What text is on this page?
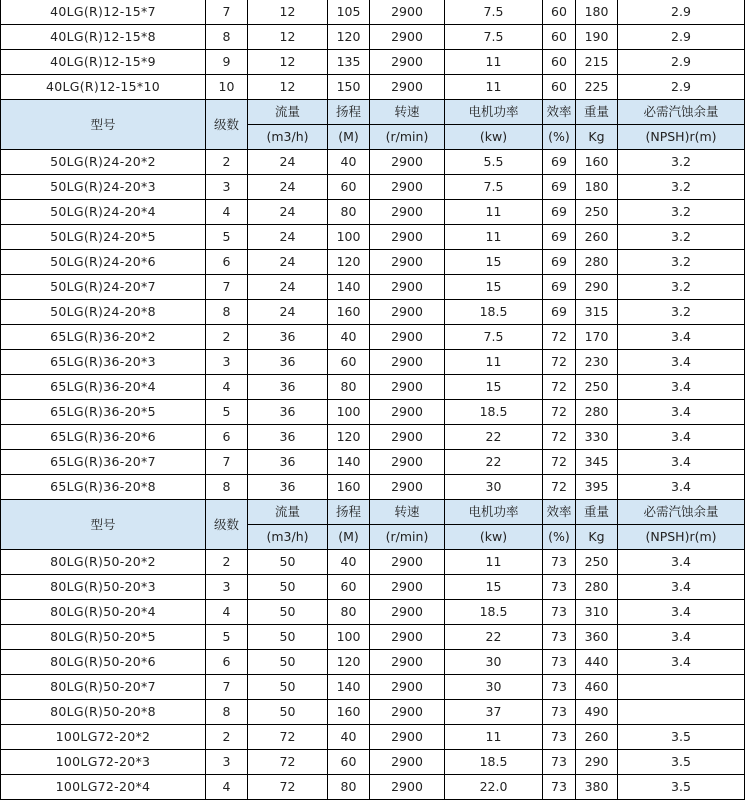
40LG(R)12-15*7	7	12	105	2900	7.5	60	180	2.9
40LG(R)12-15*8	8	12	120	2900	7.5	60	190	2.9
40LG(R)12-15*9	9	12	135	2900	11	60	215	2.9
40LG(R)12-15*10	10	12	150	2900	11	60	225	2.9
型号	级数	流量	扬程	转速	电机功率	效率	重量	必需汽蚀余量
		(m3/h)	(M)	(r/min)	(kw)	(%)	Kg	(NPSH)r(m)
50LG(R)24-20*2	2	24	40	2900	5.5	69	160	3.2
50LG(R)24-20*3	3	24	60	2900	7.5	69	180	3.2
50LG(R)24-20*4	4	24	80	2900	11	69	250	3.2
50LG(R)24-20*5	5	24	100	2900	11	69	260	3.2
50LG(R)24-20*6	6	24	120	2900	15	69	280	3.2
50LG(R)24-20*7	7	24	140	2900	15	69	290	3.2
50LG(R)24-20*8	8	24	160	2900	18.5	69	315	3.2
65LG(R)36-20*2	2	36	40	2900	7.5	72	170	3.4
65LG(R)36-20*3	3	36	60	2900	11	72	230	3.4
65LG(R)36-20*4	4	36	80	2900	15	72	250	3.4
65LG(R)36-20*5	5	36	100	2900	18.5	72	280	3.4
65LG(R)36-20*6	6	36	120	2900	22	72	330	3.4
65LG(R)36-20*7	7	36	140	2900	22	72	345	3.4
65LG(R)36-20*8	8	36	160	2900	30	72	395	3.4
型号	级数	流量	扬程	转速	电机功率	效率	重量	必需汽蚀余量
		(m3/h)	(M)	(r/min)	(kw)	(%)	Kg	(NPSH)r(m)
80LG(R)50-20*2	2	50	40	2900	11	73	250	3.4
80LG(R)50-20*3	3	50	60	2900	15	73	280	3.4
80LG(R)50-20*4	4	50	80	2900	18.5	73	310	3.4
80LG(R)50-20*5	5	50	100	2900	22	73	360	3.4
80LG(R)50-20*6	6	50	120	2900	30	73	440	3.4
80LG(R)50-20*7	7	50	140	2900	30	73	460	
80LG(R)50-20*8	8	50	160	2900	37	73	490	
100LG72-20*2	2	72	40	2900	11	73	260	3.5
100LG72-20*3	3	72	60	2900	18.5	73	290	3.5
100LG72-20*4	4	72	80	2900	22.0	73	380	3.5
